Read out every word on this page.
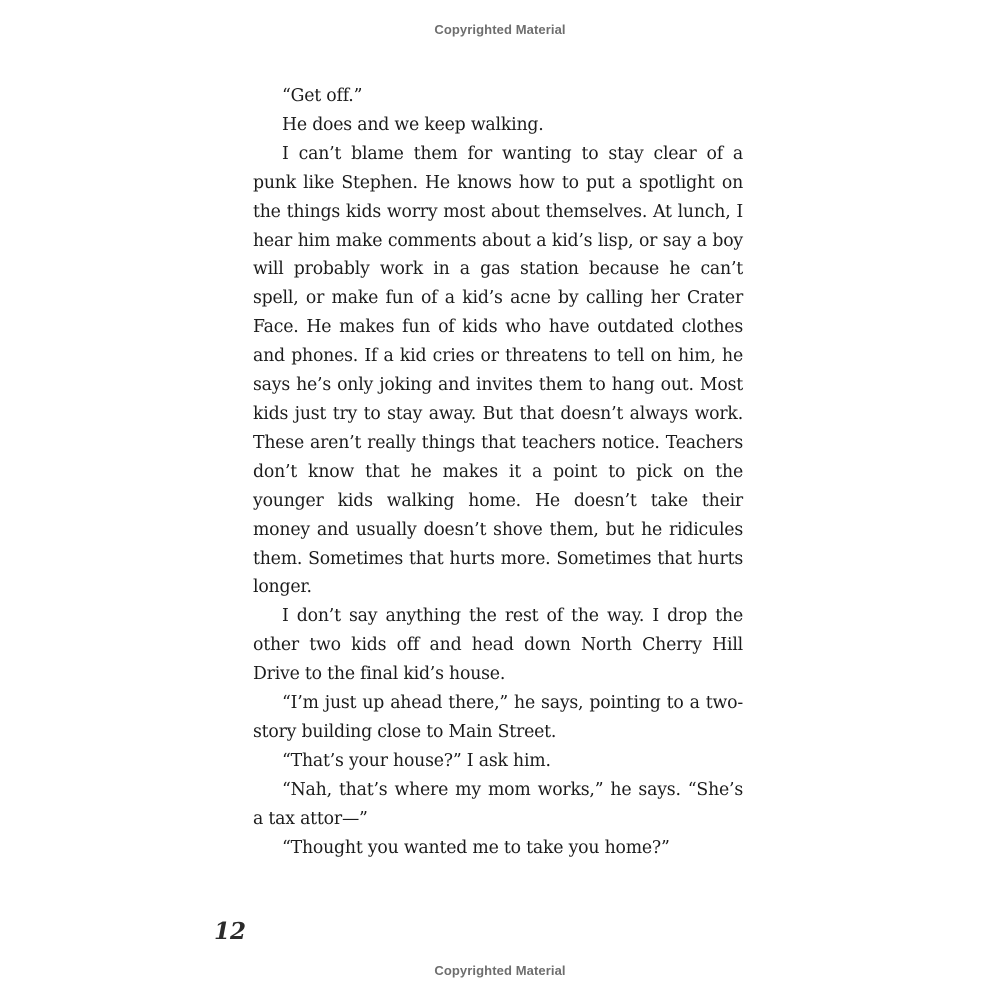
Copyrighted Material

“Get off.”

He does and we keep walking.

I can’t blame them for wanting to stay clear of a punk like Stephen. He knows how to put a spotlight on the things kids worry most about themselves. At lunch, I hear him make comments about a kid’s lisp, or say a boy will probably work in a gas station because he can’t spell, or make fun of a kid’s acne by calling her Crater Face. He makes fun of kids who have outdated clothes and phones. If a kid cries or threatens to tell on him, he says he’s only joking and invites them to hang out. Most kids just try to stay away. But that doesn’t always work. These aren’t really things that teachers notice. Teachers don’t know that he makes it a point to pick on the younger kids walking home. He doesn’t take their money and usually doesn’t shove them, but he ridicules them. Sometimes that hurts more. Sometimes that hurts longer.

I don’t say anything the rest of the way. I drop the other two kids off and head down North Cherry Hill Drive to the final kid’s house.

“I’m just up ahead there,” he says, pointing to a two-story building close to Main Street.

“That’s your house?” I ask him.

“Nah, that’s where my mom works,” he says. “She’s a tax attor—”

“Thought you wanted me to take you home?”

12
Copyrighted Material
